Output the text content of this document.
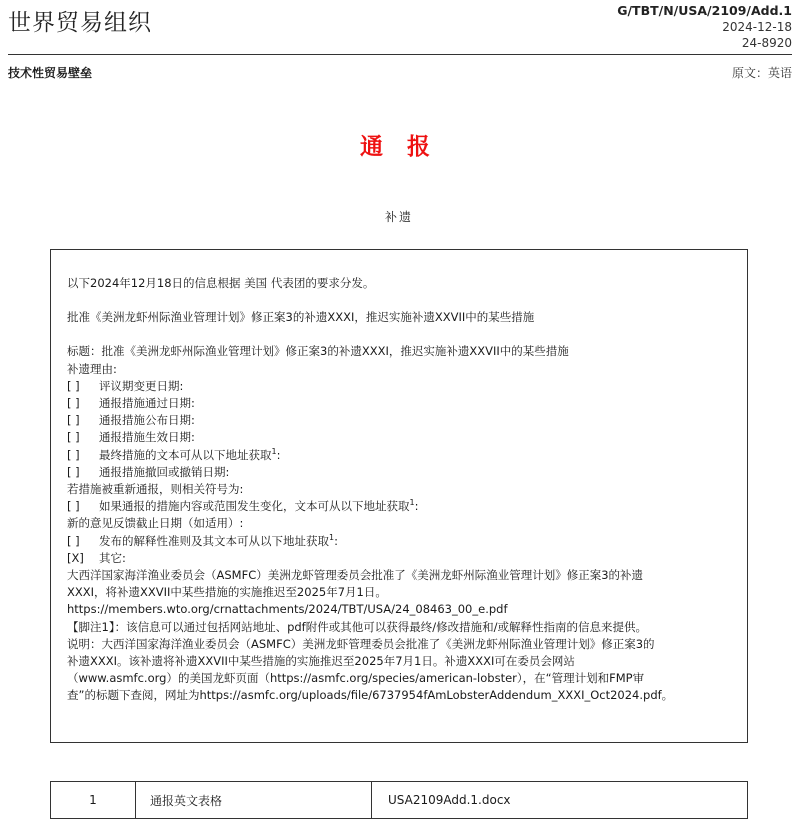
世界贸易组织	G/TBT/N/USA/2109/Add.1
2024-12-18
24-8920
技术性贸易壁垒	原文：英语
通 报
补遗
以下2024年12月18日的信息根据 美国 代表团的要求分发。
批准《美洲龙虾州际渔业管理计划》修正案3的补遗XXXI，推迟实施补遗XXVII中的某些措施
标题：批准《美洲龙虾州际渔业管理计划》修正案3的补遗XXXI，推迟实施补遗XXVII中的某些措施
补遗理由:
[ ] 评议期变更日期:
[ ] 通报措施通过日期:
[ ] 通报措施公布日期:
[ ] 通报措施生效日期:
[ ] 最终措施的文本可从以下地址获取$^1$:
[ ] 通报措施撤回或撤销日期:
若措施被重新通报，则相关符号为:
[ ] 如果通报的措施内容或范围发生变化，文本可从以下地址获取$^1$:
新的意见反馈截止日期（如适用）:
[ ] 发布的解释性准则及其文本可从以下地址获取$^1$:
[X] 其它:
大西洋国家海洋渔业委员会（ASMFC）美洲龙虾管理委员会批准了《美洲龙虾州际渔业管理计划》修正案3的补遗
XXXI，将补遗XXVII中某些措施的实施推迟至2025年7月1日。
https://members.wto.org/crnattachments/2024/TBT/USA/24_08463_00_e.pdf
【脚注1】：该信息可以通过包括网站地址、pdf附件或其他可以获得最终/修改措施和/或解释性指南的信息来提供。
说明：大西洋国家海洋渔业委员会（ASMFC）美洲龙虾管理委员会批准了《美洲龙虾州际渔业管理计划》修正案3的
补遗XXXI。该补遗将补遗XXVII中某些措施的实施推迟至2025年7月1日。补遗XXXI可在委员会网站
（www.asmfc.org）的美国龙虾页面（https://asmfc.org/species/american-lobster），在“管理计划和FMP审
查”的标题下查阅，网址为https://asmfc.org/uploads/file/6737954fAmLobsterAddendum_XXXI_Oct2024.pdf。
1	通报英文表格	USA2109Add.1.docx
